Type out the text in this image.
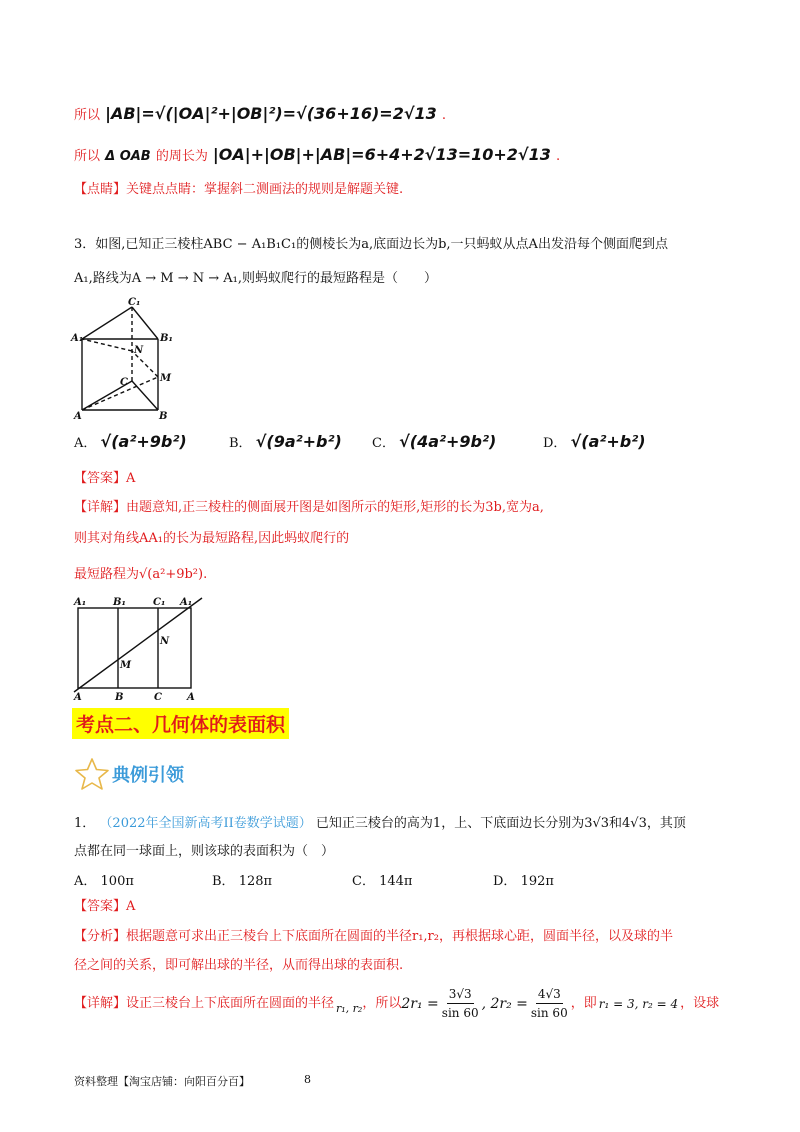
所以 |AB|=√(|OA|²+|OB|²)=√(36+16)=2√13 .
所以 Δ OAB 的周长为 |OA|+|OB|+|AB|=6+4+2√13=10+2√13 .
【点睛】关键点点睛：掌握斜二测画法的规则是解题关键.
3．如图,已知正三棱柱ABC − A₁B₁C₁的侧棱长为a,底面边长为b,一只蚂蚁从点A出发沿每个侧面爬到点
A₁,路线为A → M → N → A₁,则蚂蚁爬行的最短路程是（　　）
C₁
A₁	B₁
N
C	M
A	B
A． √(a²+9b²)	B． √(9a²+b²) C． √(4a²+9b²)	D． √(a²+b²)
【答案】A
【详解】由题意知,正三棱柱的侧面展开图是如图所示的矩形,矩形的长为3b,宽为a,
则其对角线AA₁的长为最短路程,因此蚂蚁爬行的
最短路程为√(a²+9b²).
A₁	B₁	C₁ A₁
N
M
A	B	C	A
考点二、几何体的表面积
典例引领
1． （2022年全国新高考II卷数学试题） 已知正三棱台的高为1，上、下底面边长分别为3√3和4√3，其顶
点都在同一球面上，则该球的表面积为（　）
A． 100π	B． 128π	C． 144π	D． 192π
【答案】A
【分析】根据题意可求出正三棱台上下底面所在圆面的半径r₁,r₂，再根据球心距，圆面半径，以及球的半
径之间的关系，即可解出球的半径，从而得出球的表面积.
【详解】设正三棱台上下底面所在圆面的半径 r₁, r₂ ，所以 $2r_1 = \frac{3√3}{\sin 60}$ , $2r_2 = \frac{4√3}{\sin 60}$ ，即 r₁ = 3, r₂ = 4 ，设球
资料整理【淘宝店铺：向阳百分百】	8
